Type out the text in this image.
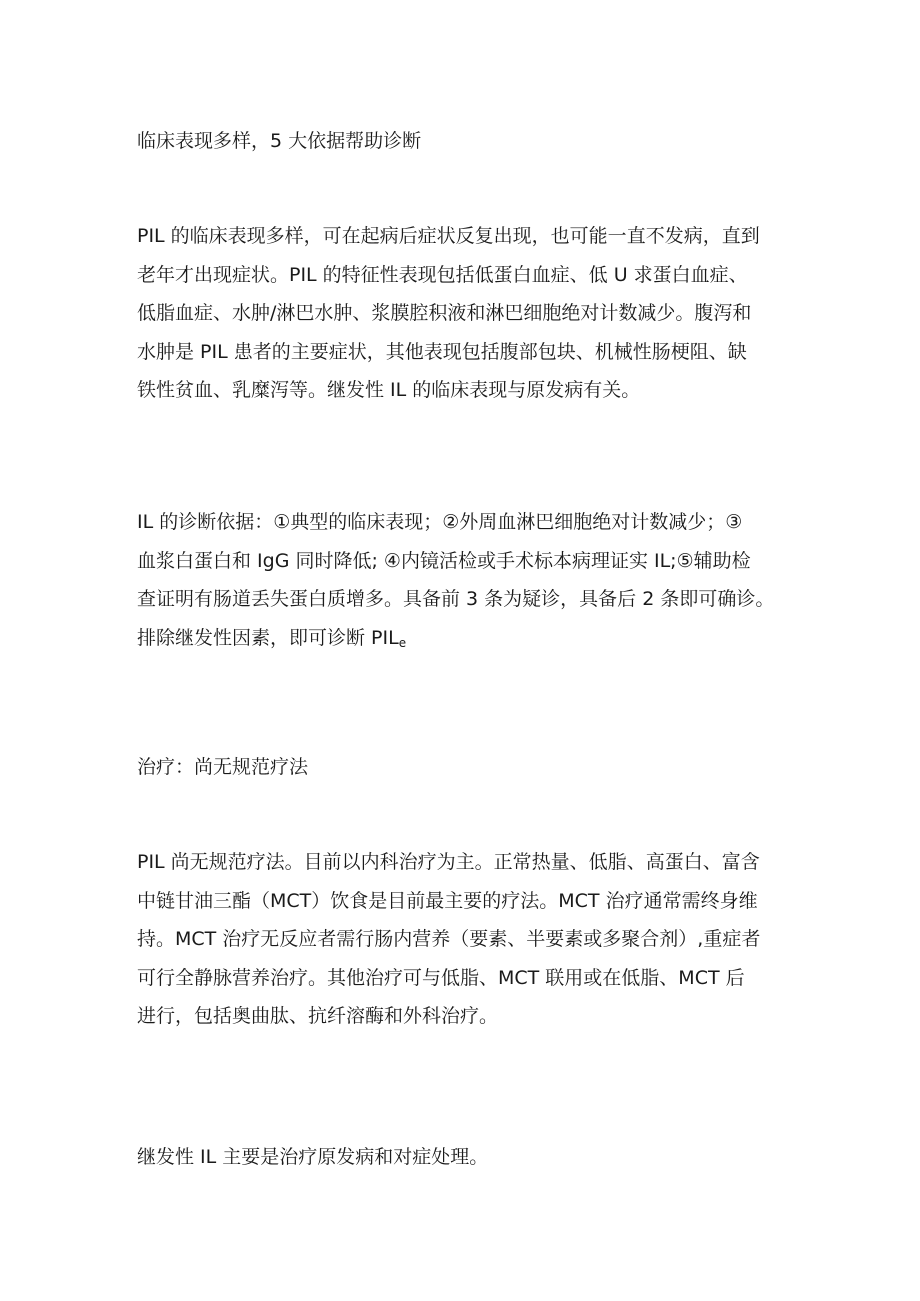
临床表现多样，5 大依据帮助诊断

PIL 的临床表现多样，可在起病后症状反复出现，也可能一直不发病，直到
老年才出现症状。PIL 的特征性表现包括低蛋白血症、低 U 求蛋白血症、
低脂血症、水肿/淋巴水肿、浆膜腔积液和淋巴细胞绝对计数减少。腹泻和
水肿是 PIL 患者的主要症状，其他表现包括腹部包块、机械性肠梗阻、缺
铁性贫血、乳糜泻等。继发性 IL 的临床表现与原发病有关。

IL 的诊断依据：①典型的临床表现；②外周血淋巴细胞绝对计数减少；③
血浆白蛋白和 IgG 同时降低; ④内镜活检或手术标本病理证实 IL;⑤辅助检
查证明有肠道丢失蛋白质增多。具备前 3 条为疑诊，具备后 2 条即可确诊。
排除继发性因素，即可诊断 $PIL_e$

治疗：尚无规范疗法

PIL 尚无规范疗法。目前以内科治疗为主。正常热量、低脂、高蛋白、富含
中链甘油三酯（MCT）饮食是目前最主要的疗法。MCT 治疗通常需终身维
持。MCT 治疗无反应者需行肠内营养（要素、半要素或多聚合剂）,重症者
可行全静脉营养治疗。其他治疗可与低脂、MCT 联用或在低脂、MCT 后
进行，包括奥曲肽、抗纤溶酶和外科治疗。

继发性 IL 主要是治疗原发病和对症处理。
